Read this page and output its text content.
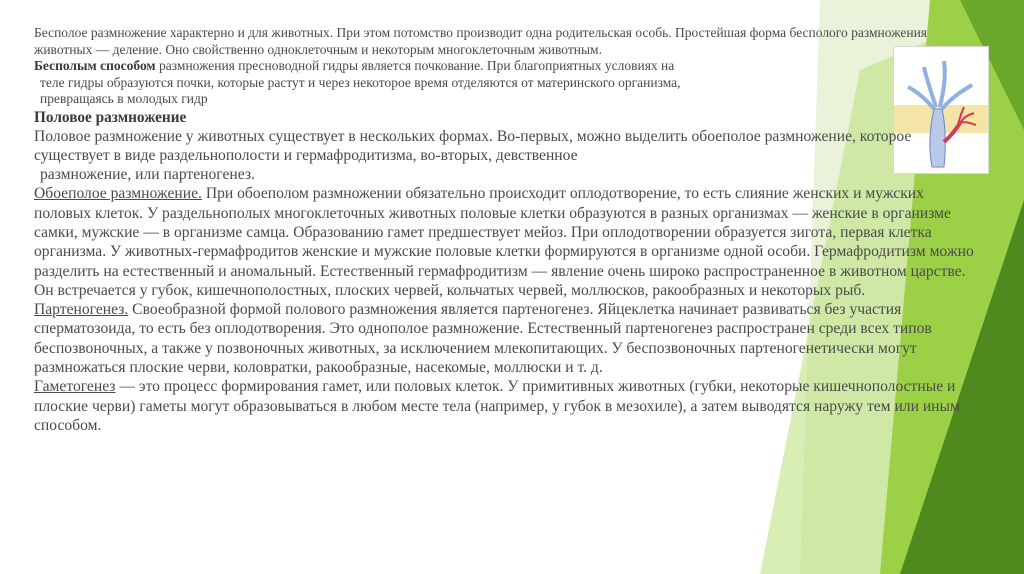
Бесполое размножение характерно и для животных. При этом потомство производит одна родительская особь. Простейшая форма бесполого размножения животных — деление. Оно свойственно одноклеточным и некоторым многоклеточным животным.

Бесполым способом размножения пресноводной гидры является почкование. При благоприятных условиях на
теле гидры образуются почки, которые растут и через некоторое время отделяются от материнского организма,
превращаясь в молодых гидр

Половое размножение

Половое размножение у животных существует в нескольких формах. Во-первых, можно выделить обоеполое размножение, которое существует в виде раздельнополости и гермафродитизма, во-вторых, девственное
размножение, или партеногенез.

Обоеполое размножение. При обоеполом размножении обязательно происходит оплодотворение, то есть слияние женских и мужских половых клеток. У раздельнополых многоклеточных животных половые клетки образуются в разных организмах — женские в организме самки, мужские — в организме самца. Образованию гамет предшествует мейоз. При оплодотворении образуется зигота, первая клетка организма. У животных-гермафродитов женские и мужские половые клетки формируются в организме одной особи. Гермафродитизм можно разделить на естественный и аномальный. Естественный гермафродитизм — явление очень широко распространенное в животном царстве. Он встречается у губок, кишечнополостных, плоских червей, кольчатых червей, моллюсков, ракообразных и некоторых рыб.

Партеногенез. Своеобразной формой полового размножения является партеногенез. Яйцеклетка начинает развиваться без участия сперматозоида, то есть без оплодотворения. Это однополое размножение. Естественный партеногенез распространен среди всех типов беспозвоночных, а также у позвоночных животных, за исключением млекопитающих. У беспозвоночных партеногенетически могут размножаться плоские черви, коловратки, ракообразные, насекомые, моллюски и т. д.

Гаметогенез — это процесс формирования гамет, или половых клеток. У примитивных животных (губки, некоторые кишечнополостные и плоские черви) гаметы могут образовываться в любом месте тела (например, у губок в мезохиле), а затем выводятся наружу тем или иным способом.
